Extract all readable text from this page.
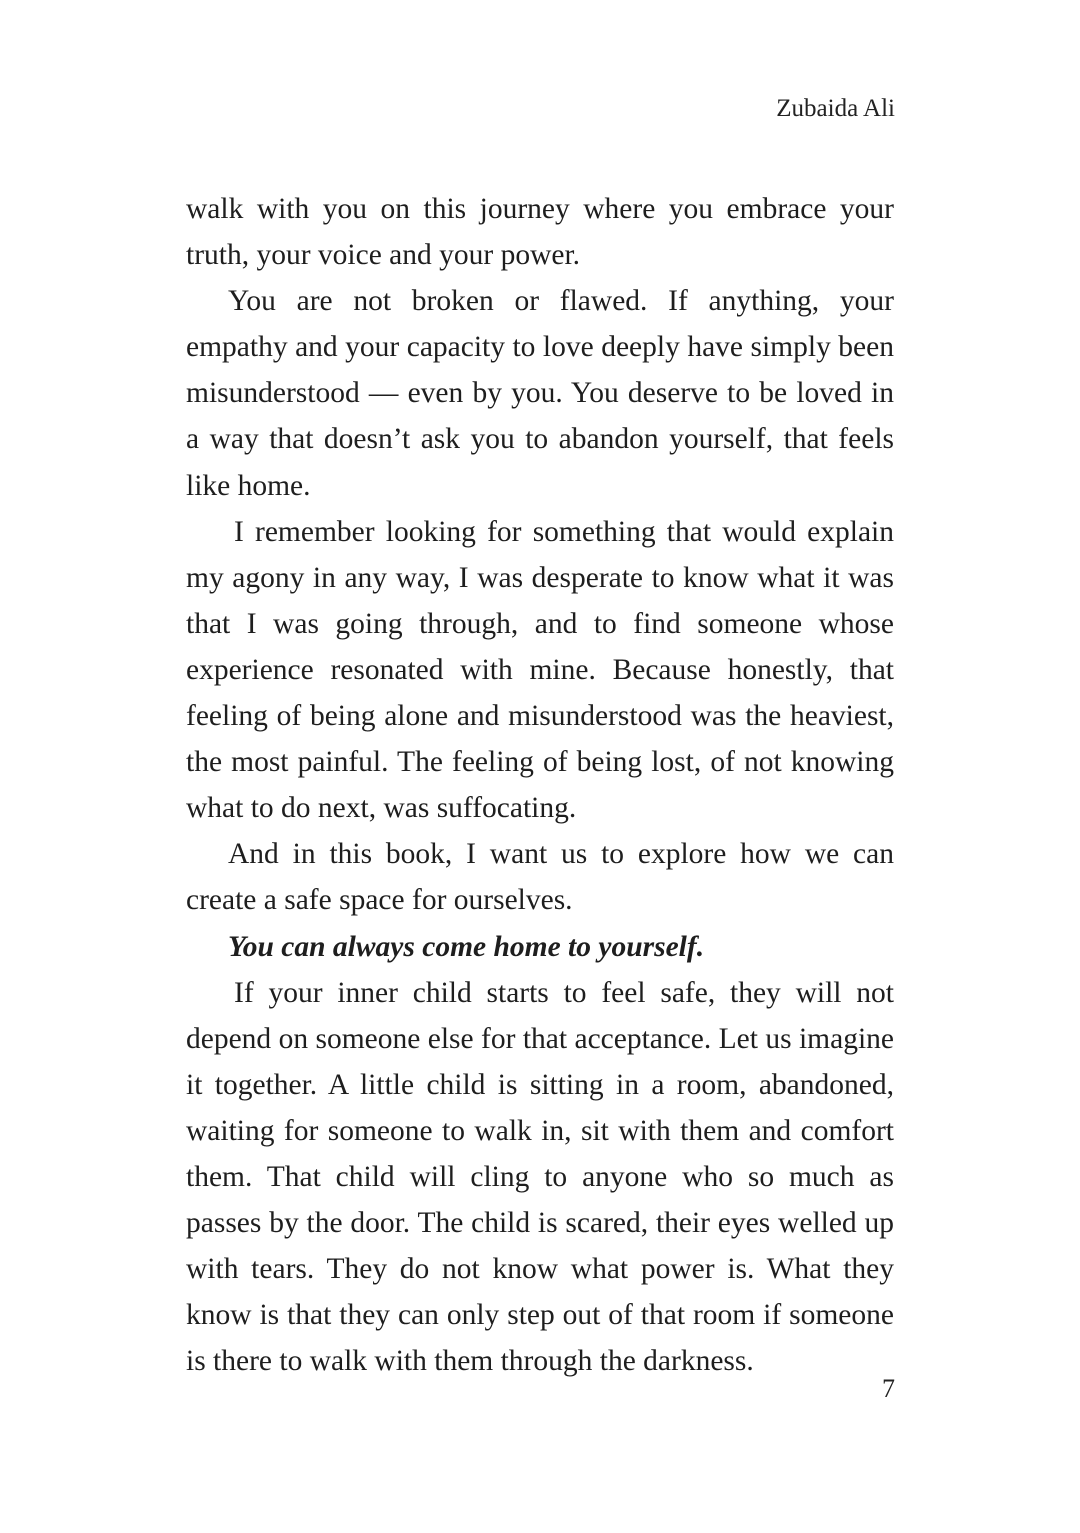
Zubaida Ali

walk with you on this journey where you embrace your truth, your voice and your power.

You are not broken or flawed. If anything, your empathy and your capacity to love deeply have simply been misunderstood — even by you. You deserve to be loved in a way that doesn’t ask you to abandon yourself, that feels like home.

I remember looking for something that would explain my agony in any way, I was desperate to know what it was that I was going through, and to find someone whose experience resonated with mine. Because honestly, that feeling of being alone and misunderstood was the heaviest, the most painful. The feeling of being lost, of not knowing what to do next, was suffocating.

And in this book, I want us to explore how we can create a safe space for ourselves.

You can always come home to yourself.

If your inner child starts to feel safe, they will not depend on someone else for that acceptance. Let us imagine it together. A little child is sitting in a room, abandoned, waiting for someone to walk in, sit with them and comfort them. That child will cling to anyone who so much as passes by the door. The child is scared, their eyes welled up with tears. They do not know what power is. What they know is that they can only step out of that room if someone is there to walk with them through the darkness.

7
